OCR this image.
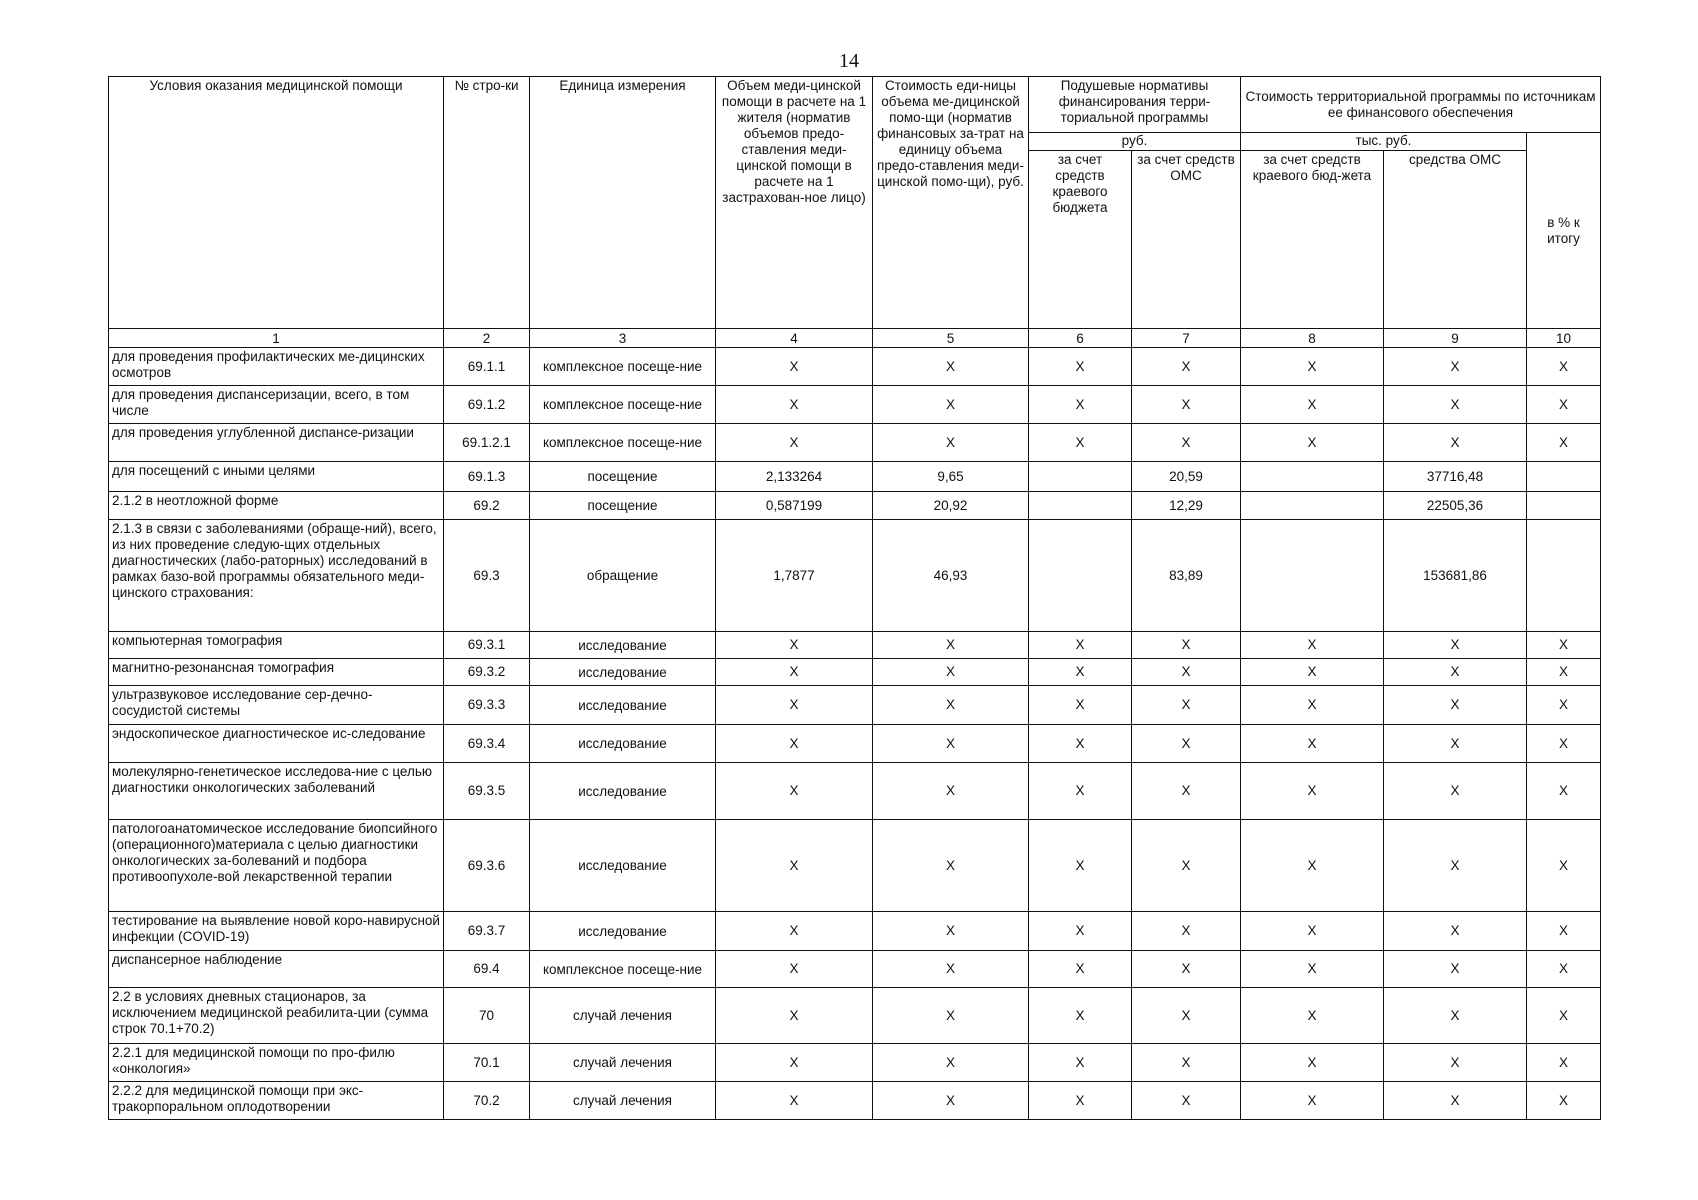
14
Условия оказания медицинской помощи	№ стро-ки	Единица измерения	Объем меди-цинской помощи в расчете на 1 жителя (норматив объемов предо-ставления меди-цинской помощи в расчете на 1 застрахован-ное лицо)	Стоимость еди-ницы объема ме-дицинской помо-щи (норматив финансовых за-трат на единицу объема предо-ставления меди-цинской помо-щи), руб.	Подушевые нормативы финансирования терри-ториальной программы		Стоимость территориальной программы по источникам ее финансового обеспечения		
					руб.		тыс. руб.		в % к итогу
					за счет средств краевого бюджета	за счет средств ОМС	за счет средств краевого бюд-жета	средства ОМС	
1	2	3	4	5	6	7	8	9	10
для проведения профилактических ме-дицинских осмотров	69.1.1	комплексное посеще-ние	X	X	X	X	X	X	X
для проведения диспансеризации, всего, в том числе	69.1.2	комплексное посеще-ние	X	X	X	X	X	X	X
для проведения углубленной диспансе-ризации	69.1.2.1	комплексное посеще-ние	X	X	X	X	X	X	X
для посещений с иными целями	69.1.3	посещение	2,133264	9,65		20,59		37716,48	
2.1.2 в неотложной форме	69.2	посещение	0,587199	20,92		12,29		22505,36	
2.1.3 в связи с заболеваниями (обраще-ний), всего, из них проведение следую-щих отдельных диагностических (лабо-раторных) исследований в рамках базо-вой программы обязательного меди-цинского страхования:	69.3	обращение	1,7877	46,93		83,89		153681,86	
компьютерная томография	69.3.1	исследование	X	X	X	X	X	X	X
магнитно-резонансная томография	69.3.2	исследование	X	X	X	X	X	X	X
ультразвуковое исследование сер-дечно-сосудистой системы	69.3.3	исследование	X	X	X	X	X	X	X
эндоскопическое диагностическое ис-следование	69.3.4	исследование	X	X	X	X	X	X	X
молекулярно-генетическое исследова-ние с целью диагностики онкологических заболеваний	69.3.5	исследование	X	X	X	X	X	X	X
патологоанатомическое исследование биопсийного (операционного)материала с целью диагностики онкологических за-болеваний и подбора противоопухоле-вой лекарственной терапии	69.3.6	исследование	X	X	X	X	X	X	X
тестирование на выявление новой коро-навирусной инфекции (COVID-19)	69.3.7	исследование	X	X	X	X	X	X	X
диспансерное наблюдение	69.4	комплексное посеще-ние	X	X	X	X	X	X	X
2.2 в условиях дневных стационаров, за исключением медицинской реабилита-ции (сумма строк 70.1+70.2)	70	случай лечения	X	X	X	X	X	X	X
2.2.1 для медицинской помощи по про-филю «онкология»	70.1	случай лечения	X	X	X	X	X	X	X
2.2.2 для медицинской помощи при экс-тракорпоральном оплодотворении	70.2	случай лечения	X	X	X	X	X	X	X
